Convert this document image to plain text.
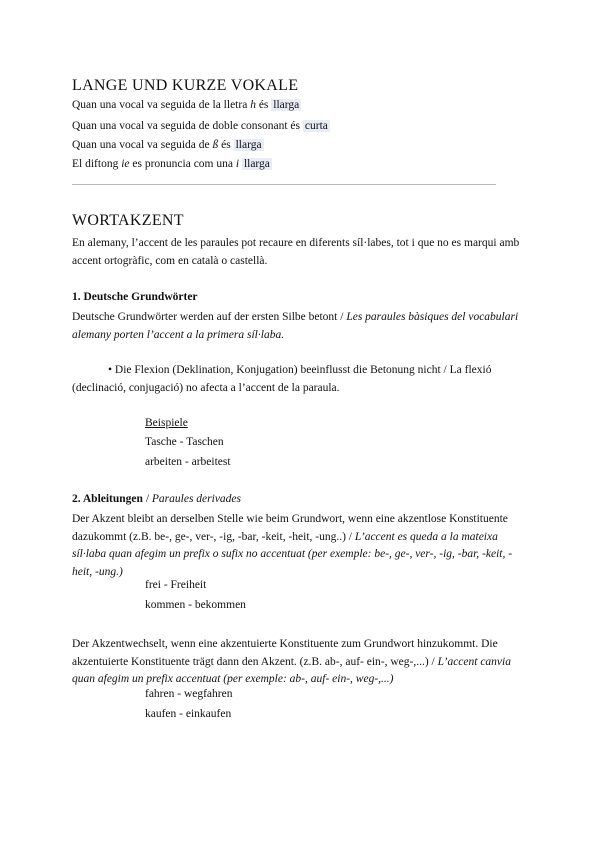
LANGE UND KURZE VOKALE
Quan una vocal va seguida de la lletra h és llarga
Quan una vocal va seguida de doble consonant és curta
Quan una vocal va seguida de ß és llarga
El diftong ie es pronuncia com una i llarga
WORTAKZENT
En alemany, l’accent de les paraules pot recaure en diferents síl·labes, tot i que no es marqui amb accent ortogràfic, com en català o castellà.
1. Deutsche Grundwörter
Deutsche Grundwörter werden auf der ersten Silbe betont / Les paraules bàsiques del vocabulari alemany porten l’accent a la primera síl·laba.
• Die Flexion (Deklination, Konjugation) beeinflusst die Betonung nicht / La flexió (declinació, conjugació) no afecta a l’accent de la paraula.
Beispiele
Tasche - Taschen
arbeiten - arbeitest
2. Ableitungen / Paraules derivades
Der Akzent bleibt an derselben Stelle wie beim Grundwort, wenn eine akzentlose Konstituente dazukommt (z.B. be-, ge-, ver-, -ig, -bar, -keit, -heit, -ung..) / L’accent es queda a la mateixa síl·laba quan afegim un prefix o sufix no accentuat (per exemple: be-, ge-, ver-, -ig, -bar, -keit, -heit, -ung.)
frei - Freiheit
kommen - bekommen
Der Akzentwechselt, wenn eine akzentuierte Konstituente zum Grundwort hinzukommt. Die akzentuierte Konstituente trägt dann den Akzent. (z.B. ab-, auf- ein-, weg-,...) / L’accent canvia quan afegim un prefix accentuat (per exemple: ab-, auf- ein-, weg-,...)
fahren - wegfahren
kaufen - einkaufen
